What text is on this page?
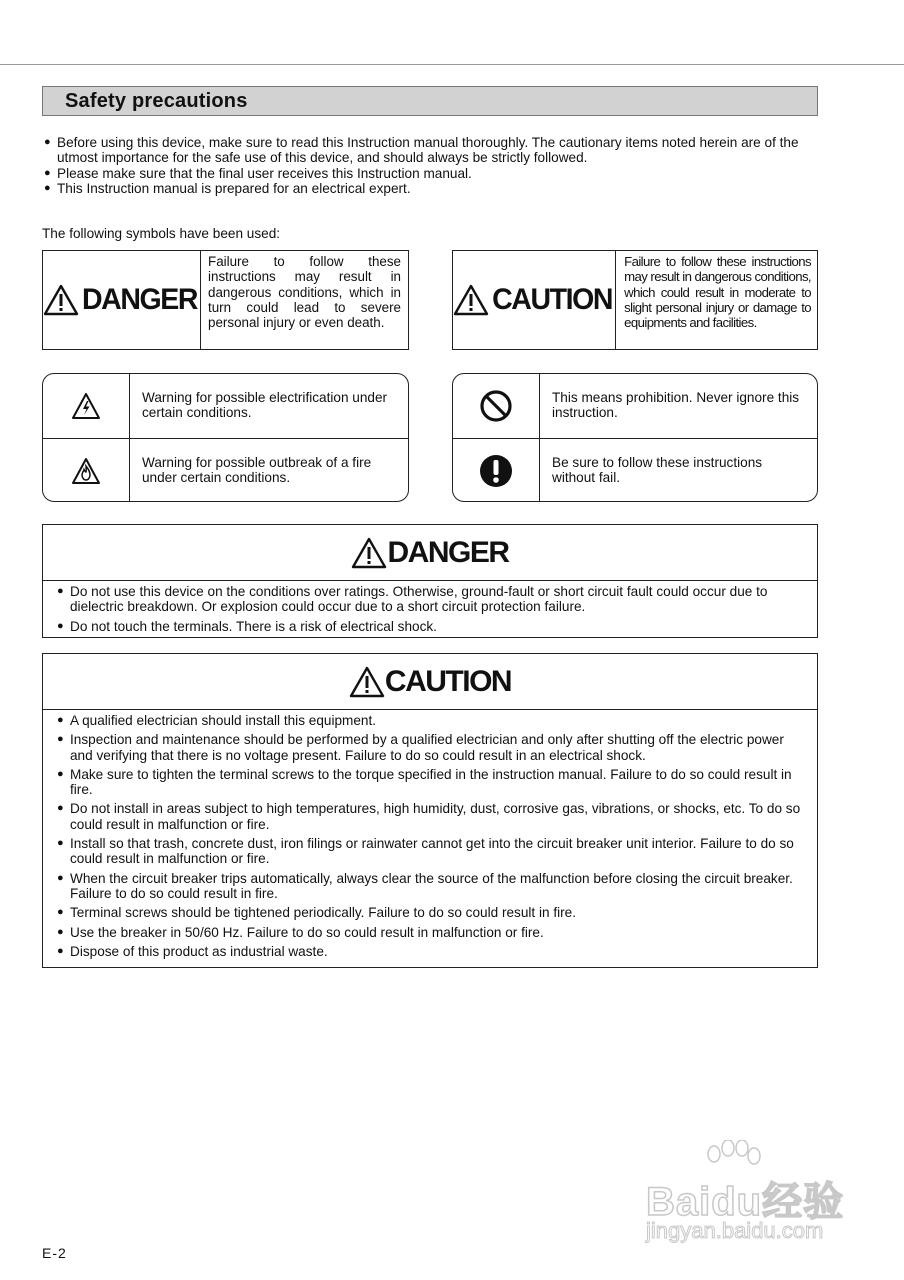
Safety precautions
● Before using this device, make sure to read this Instruction manual thoroughly. The cautionary items noted herein are of the utmost importance for the safe use of this device, and should always be strictly followed.
● Please make sure that the final user receives this Instruction manual.
● This Instruction manual is prepared for an electrical expert.
The following symbols have been used:
DANGER
Failure to follow these instructions may result in dangerous conditions, which in turn could lead to severe personal injury or even death.
CAUTION
Failure to follow these instructions may result in dangerous conditions, which could result in moderate to slight personal injury or damage to equipments and facilities.
Warning for possible electrification under certain conditions.
Warning for possible outbreak of a fire under certain conditions.
This means prohibition. Never ignore this instruction.
Be sure to follow these instructions without fail.
DANGER
● Do not use this device on the conditions over ratings. Otherwise, ground-fault or short circuit fault could occur due to dielectric breakdown. Or explosion could occur due to a short circuit protection failure.
● Do not touch the terminals. There is a risk of electrical shock.
CAUTION
● A qualified electrician should install this equipment.
● Inspection and maintenance should be performed by a qualified electrician and only after shutting off the electric power and verifying that there is no voltage present. Failure to do so could result in an electrical shock.
● Make sure to tighten the terminal screws to the torque specified in the instruction manual. Failure to do so could result in fire.
● Do not install in areas subject to high temperatures, high humidity, dust, corrosive gas, vibrations, or shocks, etc. To do so could result in malfunction or fire.
● Install so that trash, concrete dust, iron filings or rainwater cannot get into the circuit breaker unit interior. Failure to do so could result in malfunction or fire.
● When the circuit breaker trips automatically, always clear the source of the malfunction before closing the circuit breaker. Failure to do so could result in fire.
● Terminal screws should be tightened periodically. Failure to do so could result in fire.
● Use the breaker in 50/60 Hz. Failure to do so could result in malfunction or fire.
● Dispose of this product as industrial waste.
Baidu经验
jingyan.baidu.com
E-2
